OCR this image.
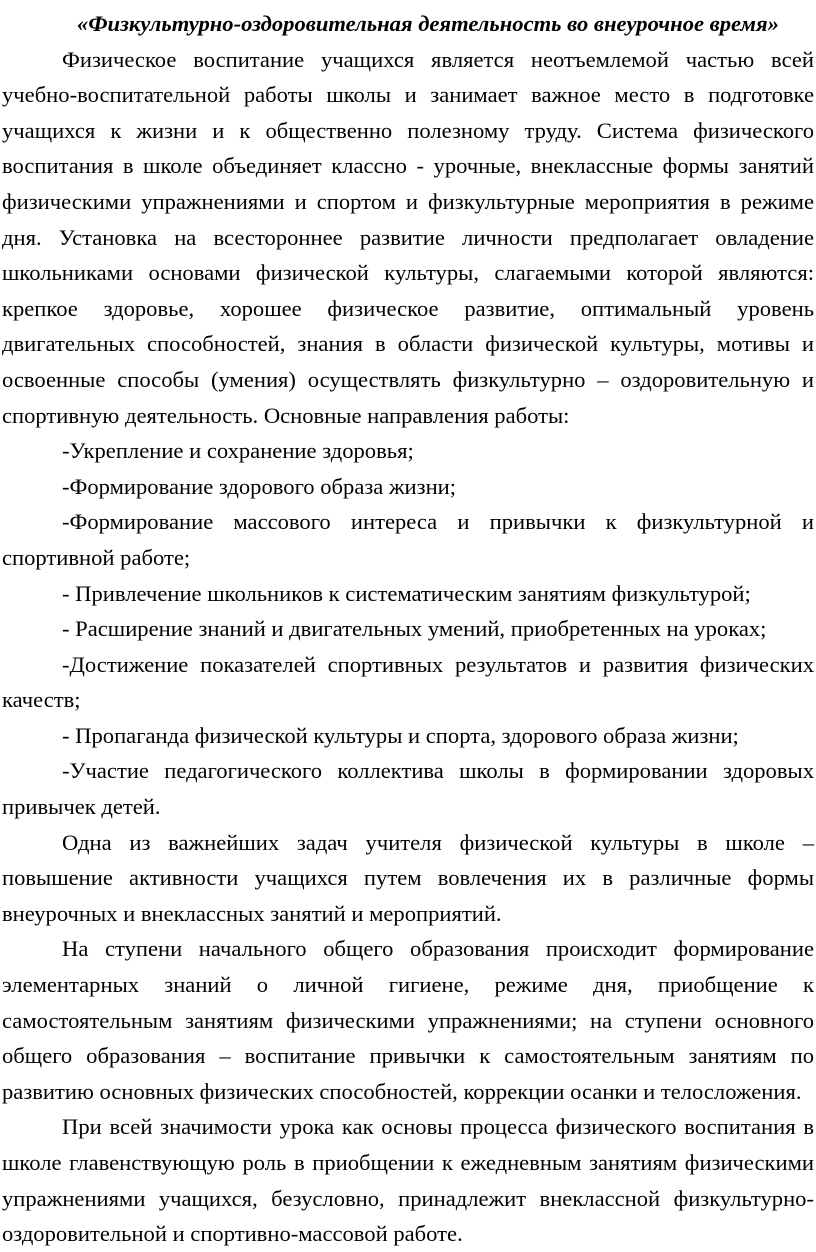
«Физкультурно-оздоровительная деятельность во внеурочное время»

Физическое воспитание учащихся является неотъемлемой частью всей учебно-воспитательной работы школы и занимает важное место в подготовке учащихся к жизни и к общественно полезному труду. Система физического воспитания в школе объединяет классно - урочные, внеклассные формы занятий физическими упражнениями и спортом и физкультурные мероприятия в режиме дня. Установка на всестороннее развитие личности предполагает овладение школьниками основами физической культуры, слагаемыми которой являются: крепкое здоровье, хорошее физическое развитие, оптимальный уровень двигательных способностей, знания в области физической культуры, мотивы и освоенные способы (умения) осуществлять физкультурно – оздоровительную и спортивную деятельность. Основные направления работы:

-Укрепление и сохранение здоровья;

-Формирование здорового образа жизни;

-Формирование массового интереса и привычки к физкультурной и спортивной работе;

- Привлечение школьников к систематическим занятиям физкультурой;

- Расширение знаний и двигательных умений, приобретенных на уроках;

-Достижение показателей спортивных результатов и развития физических качеств;

- Пропаганда физической культуры и спорта, здорового образа жизни;

-Участие педагогического коллектива школы в формировании здоровых привычек детей.

Одна из важнейших задач учителя физической культуры в школе – повышение активности учащихся путем вовлечения их в различные формы внеурочных и внеклассных занятий и мероприятий.

На ступени начального общего образования происходит формирование элементарных знаний о личной гигиене, режиме дня, приобщение к самостоятельным занятиям физическими упражнениями; на ступени основного общего образования – воспитание привычки к самостоятельным занятиям по развитию основных физических способностей, коррекции осанки и телосложения.

При всей значимости урока как основы процесса физического воспитания в школе главенствующую роль в приобщении к ежедневным занятиям физическими упражнениями учащихся, безусловно, принадлежит внеклассной физкультурно-оздоровительной и спортивно-массовой работе.
